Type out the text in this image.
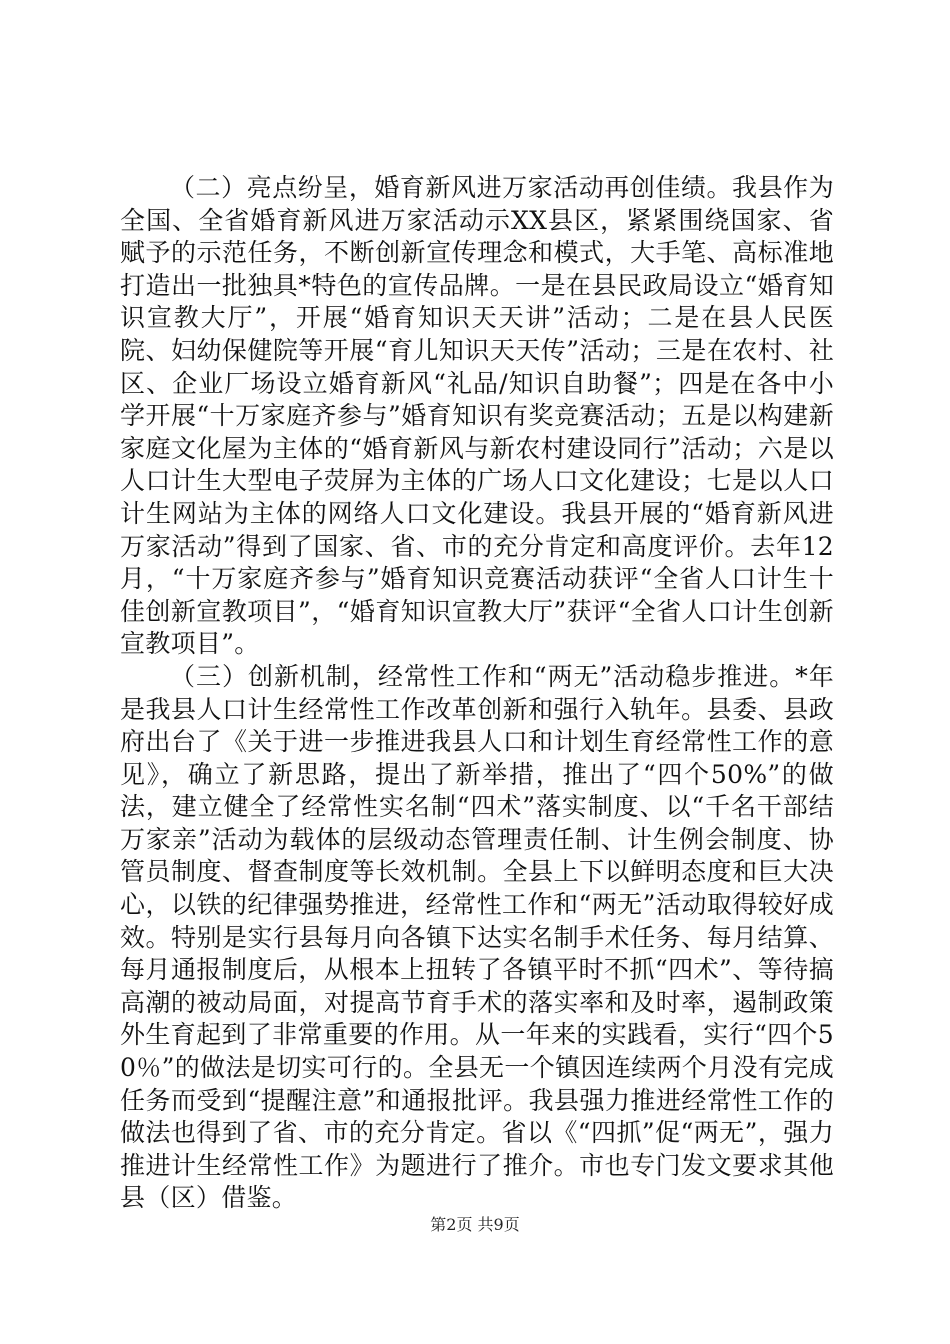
（二）亮点纷呈，婚育新风进万家活动再创佳绩。我县作为全国、全省婚育新风进万家活动示XX县区，紧紧围绕国家、省赋予的示范任务，不断创新宣传理念和模式，大手笔、高标准地打造出一批独具*特色的宣传品牌。一是在县民政局设立“婚育知识宣教大厅”，开展“婚育知识天天讲”活动；二是在县人民医院、妇幼保健院等开展“育儿知识天天传”活动；三是在农村、社区、企业厂场设立婚育新风“礼品/知识自助餐”；四是在各中小学开展“十万家庭齐参与”婚育知识有奖竞赛活动；五是以构建新家庭文化屋为主体的“婚育新风与新农村建设同行”活动；六是以人口计生大型电子荧屏为主体的广场人口文化建设；七是以人口计生网站为主体的网络人口文化建设。我县开展的“婚育新风进万家活动”得到了国家、省、市的充分肯定和高度评价。去年12月，“十万家庭齐参与”婚育知识竞赛活动获评“全省人口计生十佳创新宣教项目”，“婚育知识宣教大厅”获评“全省人口计生创新宣教项目”。

（三）创新机制，经常性工作和“两无”活动稳步推进。*年是我县人口计生经常性工作改革创新和强行入轨年。县委、县政府出台了《关于进一步推进我县人口和计划生育经常性工作的意见》，确立了新思路，提出了新举措，推出了“四个50%”的做法，建立健全了经常性实名制“四术”落实制度、以“千名干部结万家亲”活动为载体的层级动态管理责任制、计生例会制度、协管员制度、督查制度等长效机制。全县上下以鲜明态度和巨大决心，以铁的纪律强势推进，经常性工作和“两无”活动取得较好成效。特别是实行县每月向各镇下达实名制手术任务、每月结算、每月通报制度后，从根本上扭转了各镇平时不抓“四术”、等待搞高潮的被动局面，对提高节育手术的落实率和及时率，遏制政策外生育起到了非常重要的作用。从一年来的实践看，实行“四个50％”的做法是切实可行的。全县无一个镇因连续两个月没有完成任务而受到“提醒注意”和通报批评。我县强力推进经常性工作的做法也得到了省、市的充分肯定。省以《“四抓”促“两无”，强力推进计生经常性工作》为题进行了推介。市也专门发文要求其他县（区）借鉴。

第2页 共9页
